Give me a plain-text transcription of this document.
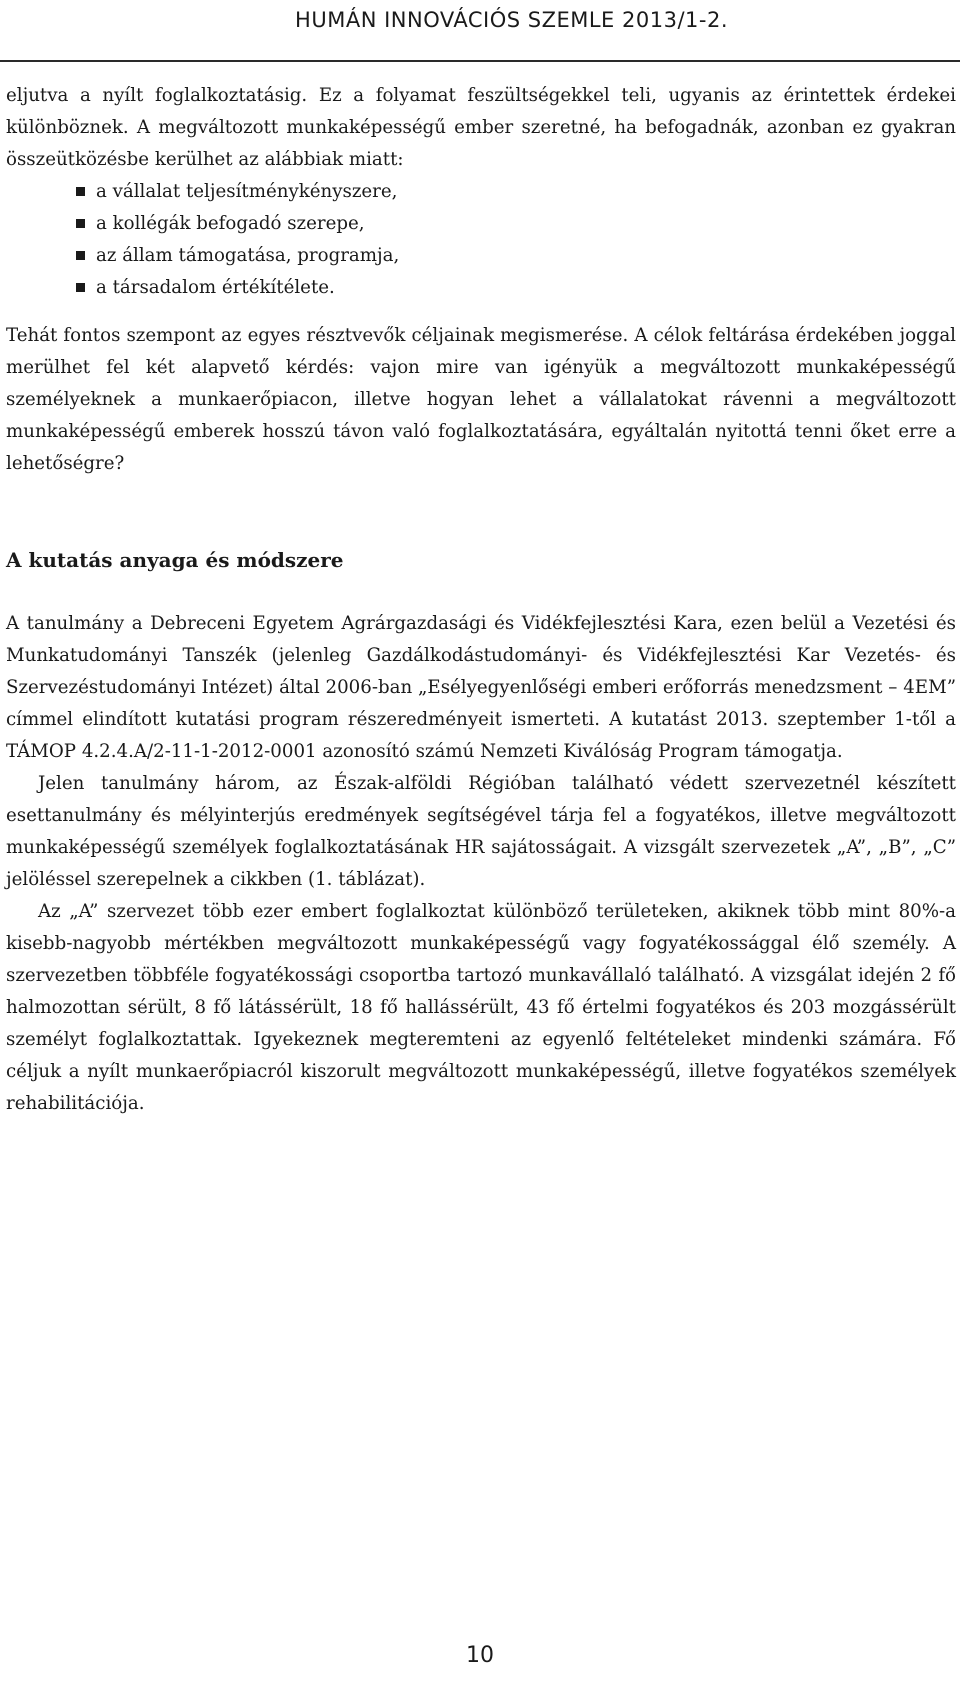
HUMÁN INNOVÁCIÓS SZEMLE 2013/1-2.

eljutva a nyílt foglalkoztatásig. Ez a folyamat feszültségekkel teli, ugyanis az érintettek érdekei különböznek. A megváltozott munkaképességű ember szeretné, ha befogadnák, azonban ez gyakran összeütközésbe kerülhet az alábbiak miatt:

a vállalat teljesítménykényszere,
a kollégák befogadó szerepe,
az állam támogatása, programja,
a társadalom értékítélete.

Tehát fontos szempont az egyes résztvevők céljainak megismerése. A célok feltárása érdekében joggal merülhet fel két alapvető kérdés: vajon mire van igényük a megváltozott munkaképességű személyeknek a munkaerőpiacon, illetve hogyan lehet a vállalatokat rávenni a megváltozott munkaképességű emberek hosszú távon való foglalkoztatására, egyáltalán nyitottá tenni őket erre a lehetőségre?

A kutatás anyaga és módszere

A tanulmány a Debreceni Egyetem Agrárgazdasági és Vidékfejlesztési Kara, ezen belül a Vezetési és Munkatudományi Tanszék (jelenleg Gazdálkodástudományi- és Vidékfejlesztési Kar Vezetés- és Szervezéstudományi Intézet) által 2006-ban „Esélyegyenlőségi emberi erőforrás menedzsment – 4EM” címmel elindított kutatási program részeredményeit ismerteti. A kutatást 2013. szeptember 1-től a TÁMOP 4.2.4.A/2-11-1-2012-0001 azonosító számú Nemzeti Kiválóság Program támogatja.

Jelen tanulmány három, az Észak-alföldi Régióban található védett szervezetnél készített esettanulmány és mélyinterjús eredmények segítségével tárja fel a fogyatékos, illetve megváltozott munkaképességű személyek foglalkoztatásának HR sajátosságait. A vizsgált szervezetek „A”, „B”, „C” jelöléssel szerepelnek a cikkben (1. táblázat).

Az „A” szervezet több ezer embert foglalkoztat különböző területeken, akiknek több mint 80%-a kisebb-nagyobb mértékben megváltozott munkaképességű vagy fogyatékossággal élő személy. A szervezetben többféle fogyatékossági csoportba tartozó munkavállaló található. A vizsgálat idején 2 fő halmozottan sérült, 8 fő látássérült, 18 fő hallássérült, 43 fő értelmi fogyatékos és 203 mozgássérült személyt foglalkoztattak. Igyekeznek megteremteni az egyenlő feltételeket mindenki számára. Fő céljuk a nyílt munkaerőpiacról kiszorult megváltozott munkaképességű, illetve fogyatékos személyek rehabilitációja.

10
